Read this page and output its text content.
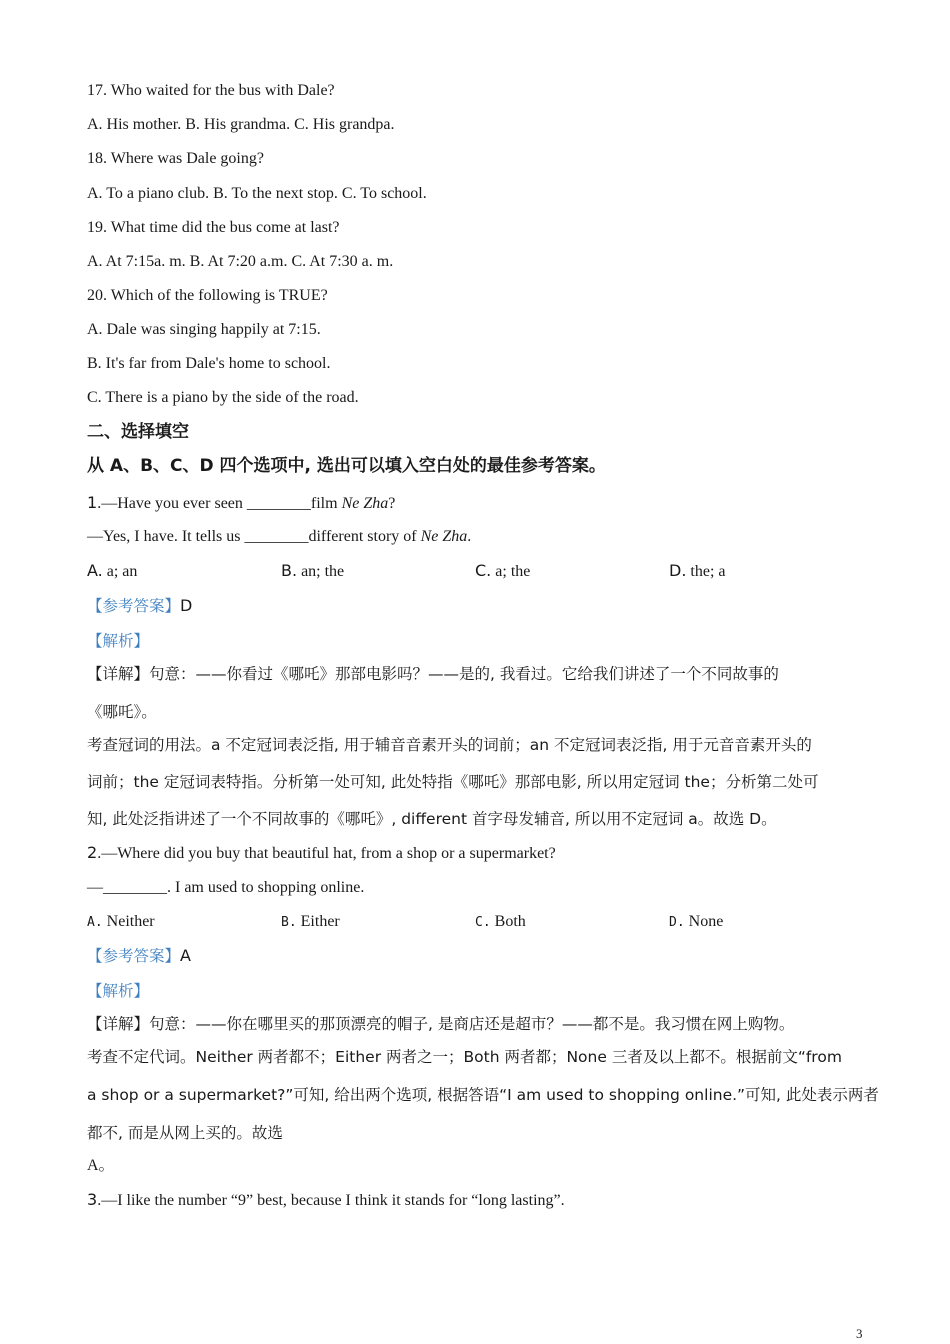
17. Who waited for the bus with Dale?
A. His mother. B. His grandma. C. His grandpa.
18. Where was Dale going?
A. To a piano club. B. To the next stop. C. To school.
19. What time did the bus come at last?
A. At 7:15a. m. B. At 7:20 a.m. C. At 7:30 a. m.
20. Which of the following is TRUE?
A. Dale was singing happily at 7:15.
B. It's far from Dale's home to school.
C. There is a piano by the side of the road.
二、选择填空
从 A、B、C、D 四个选项中, 选出可以填入空白处的最佳参考答案。
1.—Have you ever seen ________film Ne Zha?
—Yes, I have. It tells us ________different story of Ne Zha.
A. a; an	B. an; the	C. a; the	D. the; a
【参考答案】D
【解析】
【详解】句意：——你看过《哪吒》那部电影吗？——是的, 我看过。它给我们讲述了一个不同故事的
《哪吒》。
考查冠词的用法。a 不定冠词表泛指, 用于辅音音素开头的词前；an 不定冠词表泛指, 用于元音音素开头的
词前；the 定冠词表特指。分析第一处可知, 此处特指《哪吒》那部电影, 所以用定冠词 the；分析第二处可
知, 此处泛指讲述了一个不同故事的《哪吒》, different 首字母发辅音, 所以用不定冠词 a。故选 D。
2.—Where did you buy that beautiful hat, from a shop or a supermarket?
—________. I am used to shopping online.
A. Neither	B. Either	C. Both	D. None
【参考答案】A
【解析】
【详解】句意：——你在哪里买的那顶漂亮的帽子, 是商店还是超市？——都不是。我习惯在网上购物。
考查不定代词。Neither 两者都不；Either 两者之一；Both 两者都；None 三者及以上都不。根据前文“from
a shop or a supermarket?”可知, 给出两个选项, 根据答语“I am used to shopping online.”可知, 此处表示两者
都不, 而是从网上买的。故选
A。
3.—I like the number “9” best, because I think it stands for “long lasting”.
3
